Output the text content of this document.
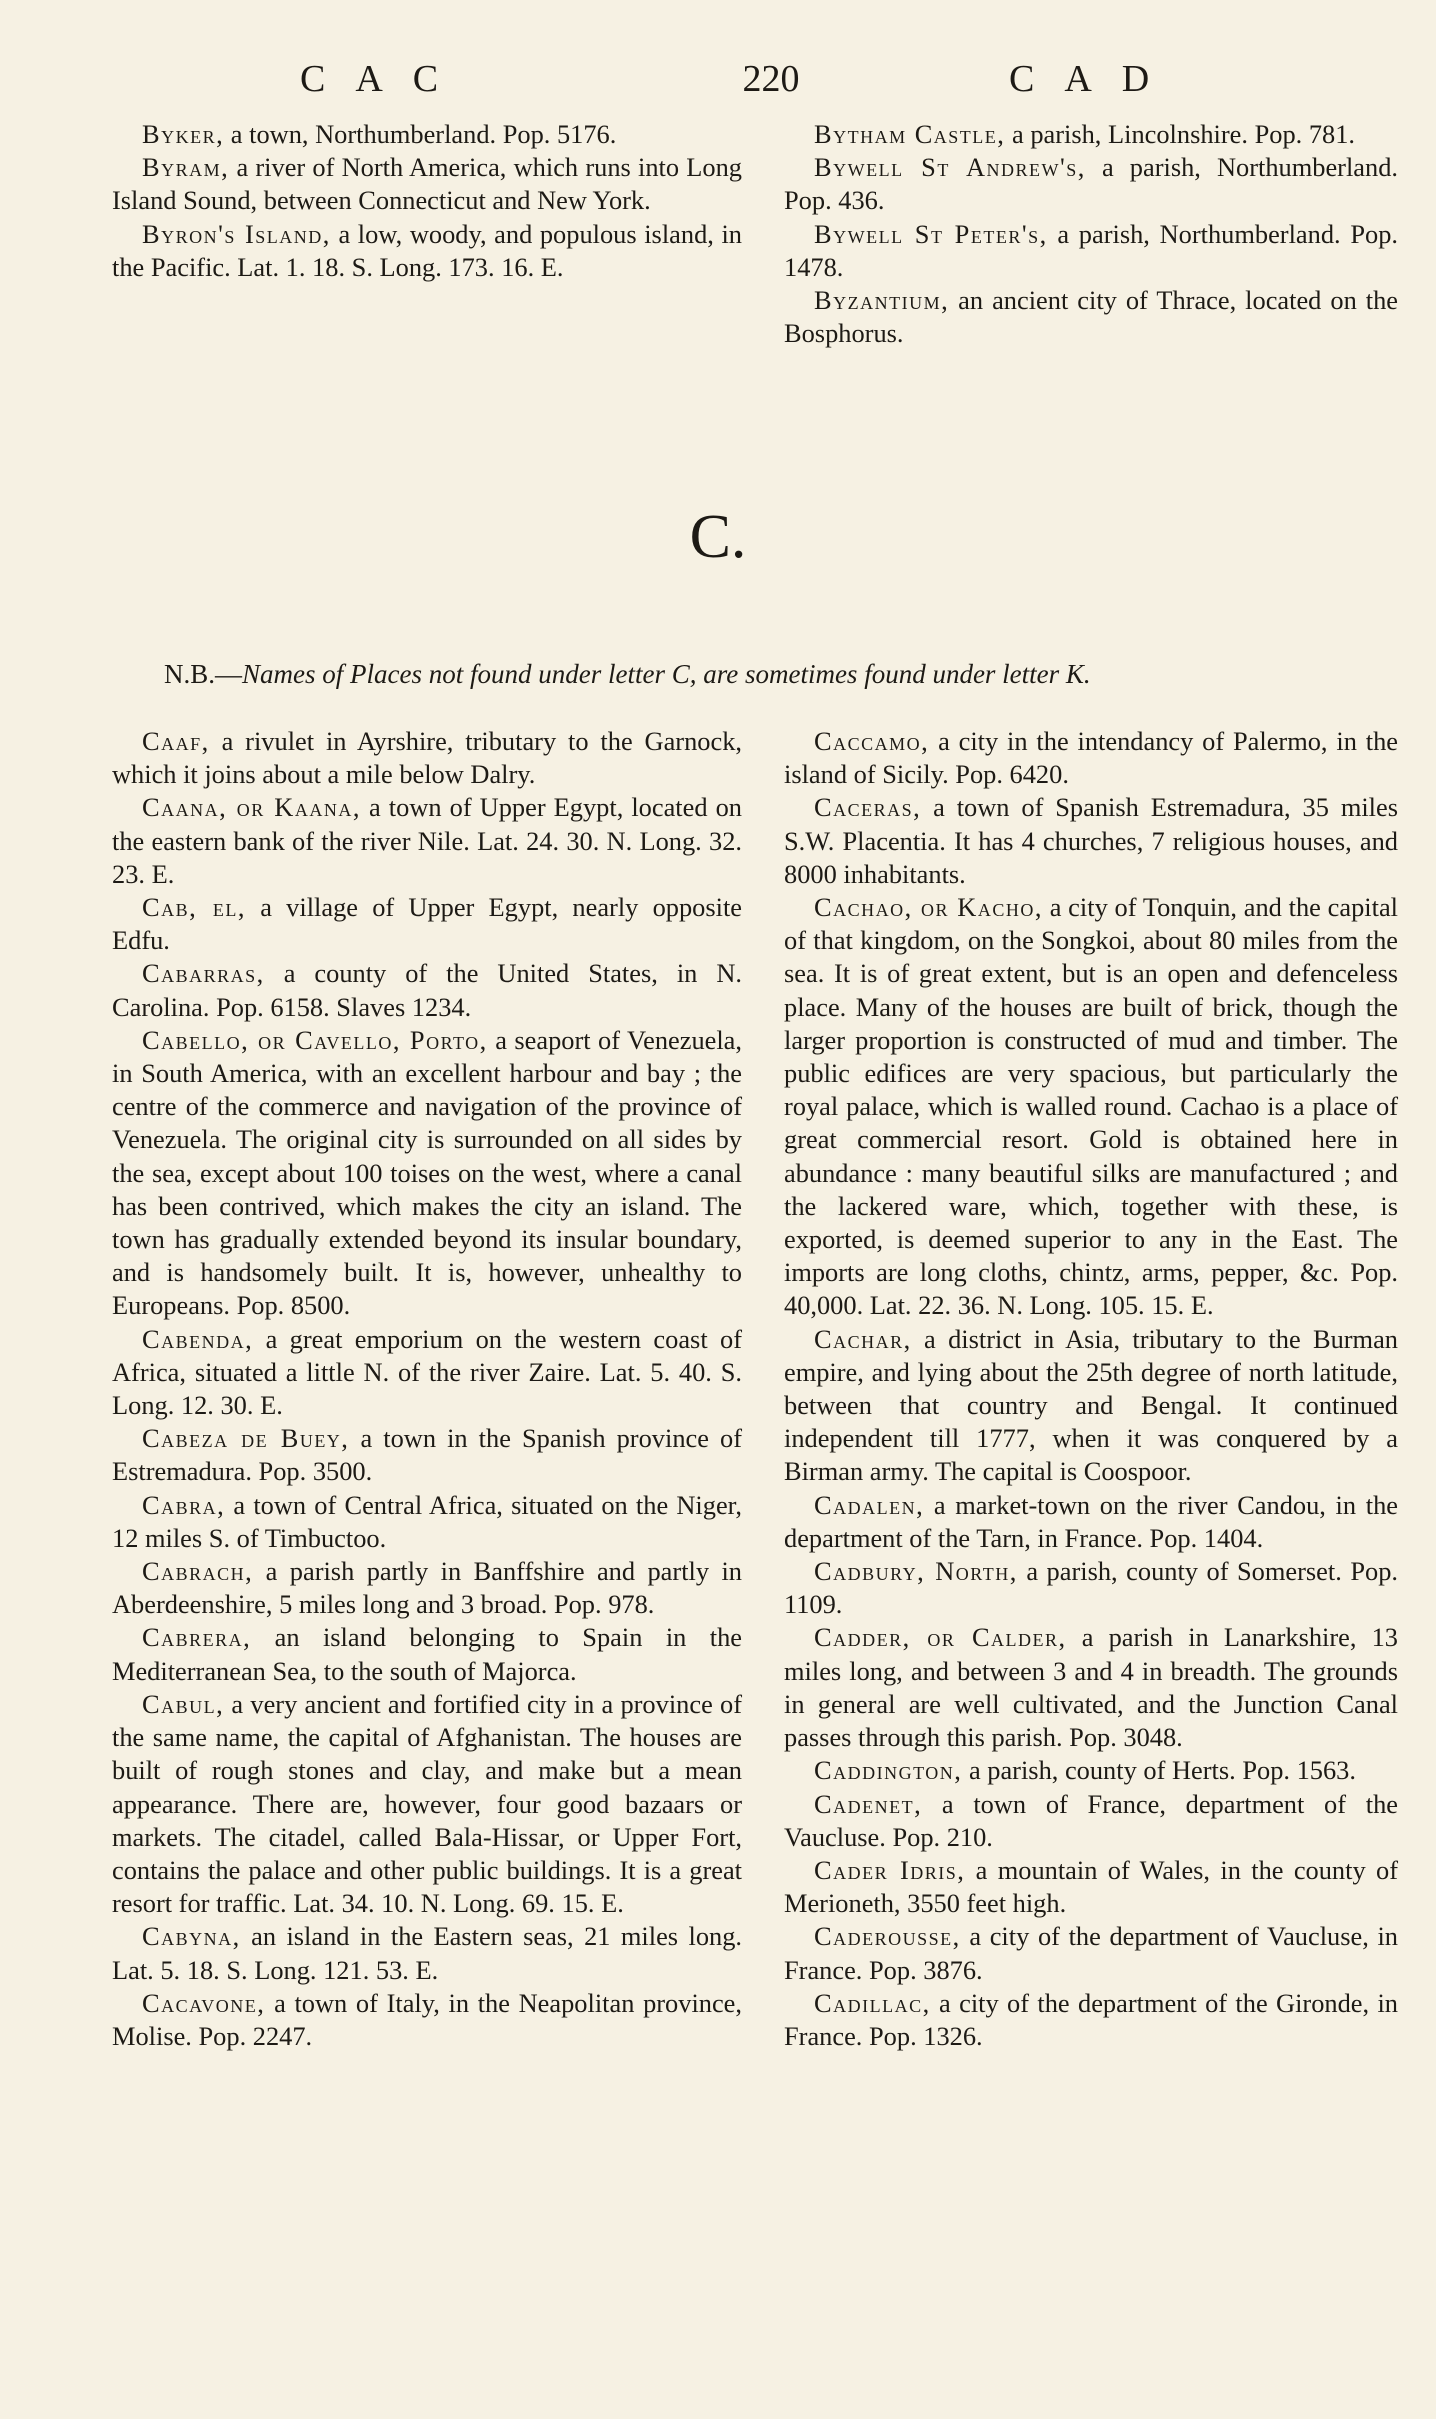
CAC	220	CAD

Byker, a town, Northumberland. Pop. 5176.

Byram, a river of North America, which runs into Long Island Sound, between Connecticut and New York.

Byron's Island, a low, woody, and populous island, in the Pacific. Lat. 1. 18. S. Long. 173. 16. E.

Bytham Castle, a parish, Lincolnshire. Pop. 781.

Bywell St Andrew's, a parish, Northumberland. Pop. 436.

Bywell St Peter's, a parish, Northumberland. Pop. 1478.

Byzantium, an ancient city of Thrace, located on the Bosphorus.

C.
N.B.—Names of Places not found under letter C, are sometimes found under letter K.

Caaf, a rivulet in Ayrshire, tributary to the Garnock, which it joins about a mile below Dalry.

Caana, or Kaana, a town of Upper Egypt, located on the eastern bank of the river Nile. Lat. 24. 30. N. Long. 32. 23. E.

Cab, el, a village of Upper Egypt, nearly opposite Edfu.

Cabarras, a county of the United States, in N. Carolina. Pop. 6158. Slaves 1234.

Cabello, or Cavello, Porto, a seaport of Venezuela, in South America, with an excellent harbour and bay ; the centre of the commerce and navigation of the province of Venezuela. The original city is surrounded on all sides by the sea, except about 100 toises on the west, where a canal has been contrived, which makes the city an island. The town has gradually extended beyond its insular boundary, and is handsomely built. It is, however, unhealthy to Europeans. Pop. 8500.

Cabenda, a great emporium on the western coast of Africa, situated a little N. of the river Zaire. Lat. 5. 40. S. Long. 12. 30. E.

Cabeza de Buey, a town in the Spanish province of Estremadura. Pop. 3500.

Cabra, a town of Central Africa, situated on the Niger, 12 miles S. of Timbuctoo.

Cabrach, a parish partly in Banffshire and partly in Aberdeenshire, 5 miles long and 3 broad. Pop. 978.

Cabrera, an island belonging to Spain in the Mediterranean Sea, to the south of Majorca.

Cabul, a very ancient and fortified city in a province of the same name, the capital of Afghanistan. The houses are built of rough stones and clay, and make but a mean appearance. There are, however, four good bazaars or markets. The citadel, called Bala-Hissar, or Upper Fort, contains the palace and other public buildings. It is a great resort for traffic. Lat. 34. 10. N. Long. 69. 15. E.

Cabyna, an island in the Eastern seas, 21 miles long. Lat. 5. 18. S. Long. 121. 53. E.

Cacavone, a town of Italy, in the Neapolitan province, Molise. Pop. 2247.

Caccamo, a city in the intendancy of Palermo, in the island of Sicily. Pop. 6420.

Caceras, a town of Spanish Estremadura, 35 miles S.W. Placentia. It has 4 churches, 7 religious houses, and 8000 inhabitants.

Cachao, or Kacho, a city of Tonquin, and the capital of that kingdom, on the Songkoi, about 80 miles from the sea. It is of great extent, but is an open and defenceless place. Many of the houses are built of brick, though the larger proportion is constructed of mud and timber. The public edifices are very spacious, but particularly the royal palace, which is walled round. Cachao is a place of great commercial resort. Gold is obtained here in abundance : many beautiful silks are manufactured ; and the lackered ware, which, together with these, is exported, is deemed superior to any in the East. The imports are long cloths, chintz, arms, pepper, &c. Pop. 40,000. Lat. 22. 36. N. Long. 105. 15. E.

Cachar, a district in Asia, tributary to the Burman empire, and lying about the 25th degree of north latitude, between that country and Bengal. It continued independent till 1777, when it was conquered by a Birman army. The capital is Coospoor.

Cadalen, a market-town on the river Candou, in the department of the Tarn, in France. Pop. 1404.

Cadbury, North, a parish, county of Somerset. Pop. 1109.

Cadder, or Calder, a parish in Lanarkshire, 13 miles long, and between 3 and 4 in breadth. The grounds in general are well cultivated, and the Junction Canal passes through this parish. Pop. 3048.

Caddington, a parish, county of Herts. Pop. 1563.

Cadenet, a town of France, department of the Vaucluse. Pop. 210.

Cader Idris, a mountain of Wales, in the county of Merioneth, 3550 feet high.

Caderousse, a city of the department of Vaucluse, in France. Pop. 3876.

Cadillac, a city of the department of the Gironde, in France. Pop. 1326.
